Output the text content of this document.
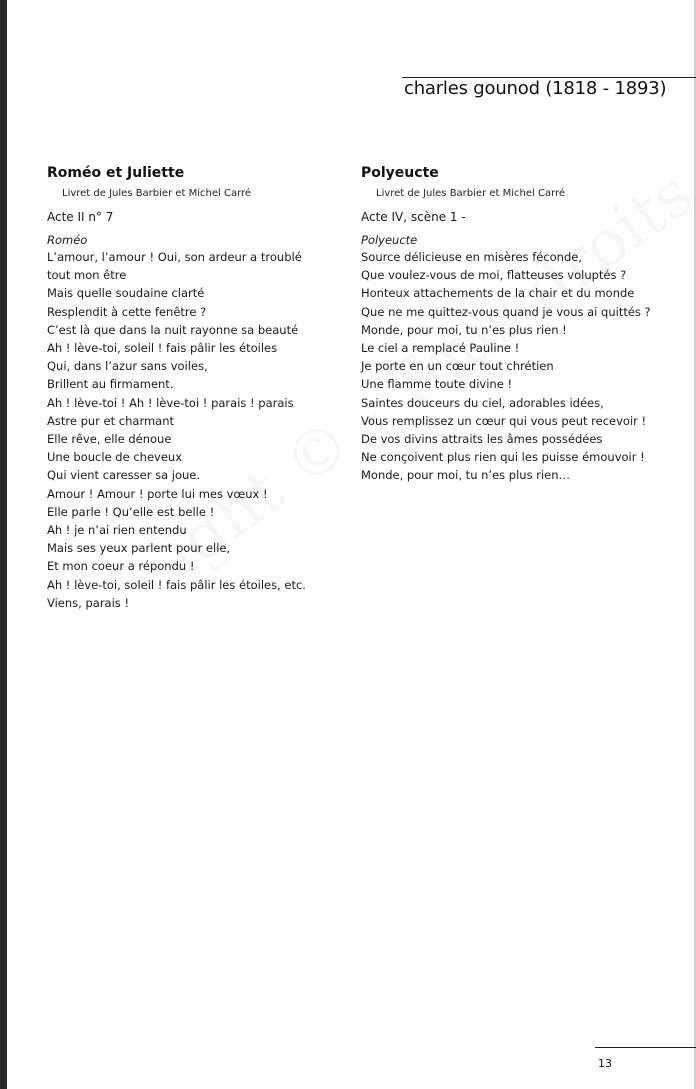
charles gounod (1818 - 1893)
Roméo et Juliette
Livret de Jules Barbier et Michel Carré
Acte II n° 7
Roméo
L’amour, l’amour ! Oui, son ardeur a troublé
tout mon être
Mais quelle soudaine clarté
Resplendit à cette fenêtre ?
C’est là que dans la nuit rayonne sa beauté
Ah ! lève-toi, soleil ! fais pâlir les étoiles
Qui, dans l’azur sans voiles,
Brillent au firmament.
Ah ! lève-toi ! Ah ! lève-toi ! parais ! parais
Astre pur et charmant
Elle rêve, elle dénoue
Une boucle de cheveux
Qui vient caresser sa joue.
Amour ! Amour ! porte lui mes vœux !
Elle parle ! Qu’elle est belle !
Ah ! je n’ai rien entendu
Mais ses yeux parlent pour elle,
Et mon coeur a répondu !
Ah ! lève-toi, soleil ! fais pâlir les étoiles, etc.
Viens, parais !
Polyeucte
Livret de Jules Barbier et Michel Carré
Acte IV, scène 1 -
Polyeucte
Source délicieuse en misères féconde,
Que voulez-vous de moi, flatteuses voluptés ?
Honteux attachements de la chair et du monde
Que ne me quittez-vous quand je vous ai quittés ?
Monde, pour moi, tu n’es plus rien !
Le ciel a remplacé Pauline !
Je porte en un cœur tout chrétien
Une flamme toute divine !
Saintes douceurs du ciel, adorables idées,
Vous remplissez un cœur qui vous peut recevoir !
De vos divins attraits les âmes possédées
Ne conçoivent plus rien qui les puisse émouvoir !
Monde, pour moi, tu n’es plus rien…
13
